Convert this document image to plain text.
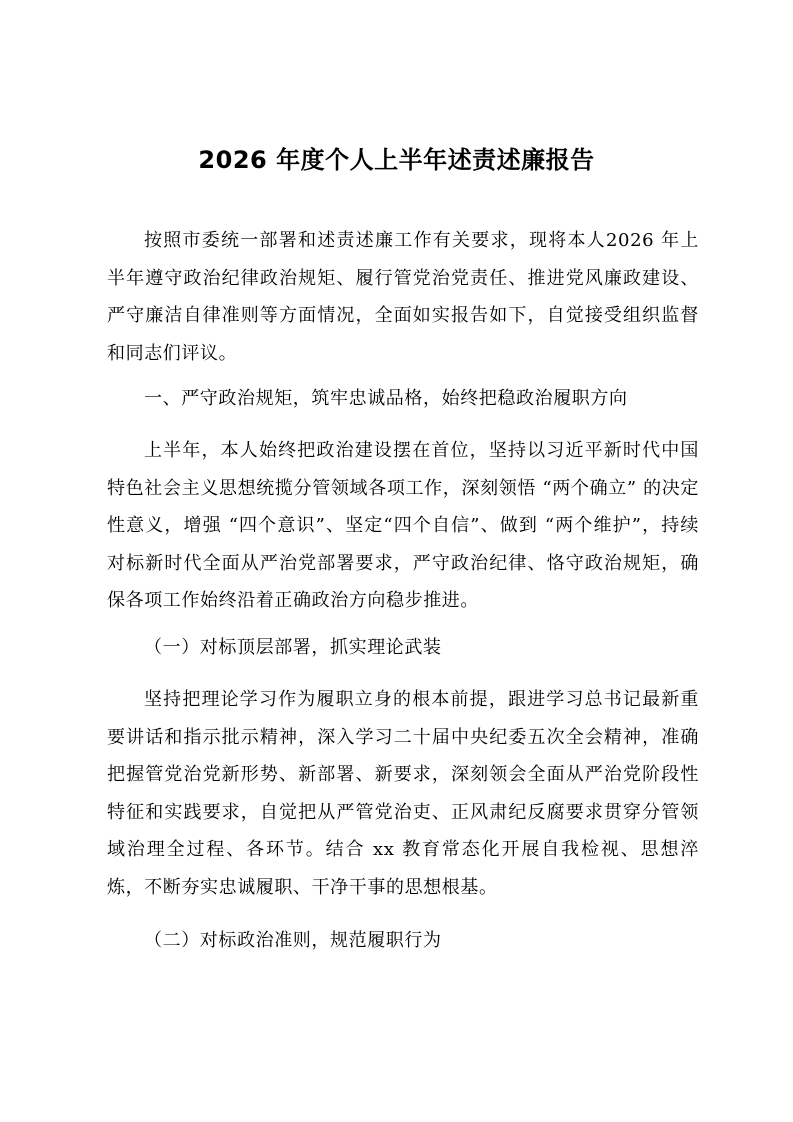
2026 年度个人上半年述责述廉报告
按照市委统一部署和述责述廉工作有关要求，现将本人2026 年上半年遵守政治纪律政治规矩、履行管党治党责任、推进党风廉政建设、严守廉洁自律准则等方面情况，全面如实报告如下，自觉接受组织监督和同志们评议。
一、严守政治规矩，筑牢忠诚品格，始终把稳政治履职方向
上半年，本人始终把政治建设摆在首位，坚持以习近平新时代中国特色社会主义思想统揽分管领域各项工作，深刻领悟 “两个确立” 的决定性意义，增强 “四个意识”、坚定“四个自信”、做到 “两个维护”，持续对标新时代全面从严治党部署要求，严守政治纪律、恪守政治规矩，确保各项工作始终沿着正确政治方向稳步推进。
（一）对标顶层部署，抓实理论武装
坚持把理论学习作为履职立身的根本前提，跟进学习总书记最新重要讲话和指示批示精神，深入学习二十届中央纪委五次全会精神，准确把握管党治党新形势、新部署、新要求，深刻领会全面从严治党阶段性特征和实践要求，自觉把从严管党治吏、正风肃纪反腐要求贯穿分管领域治理全过程、各环节。结合 xx 教育常态化开展自我检视、思想淬炼，不断夯实忠诚履职、干净干事的思想根基。
（二）对标政治准则，规范履职行为
